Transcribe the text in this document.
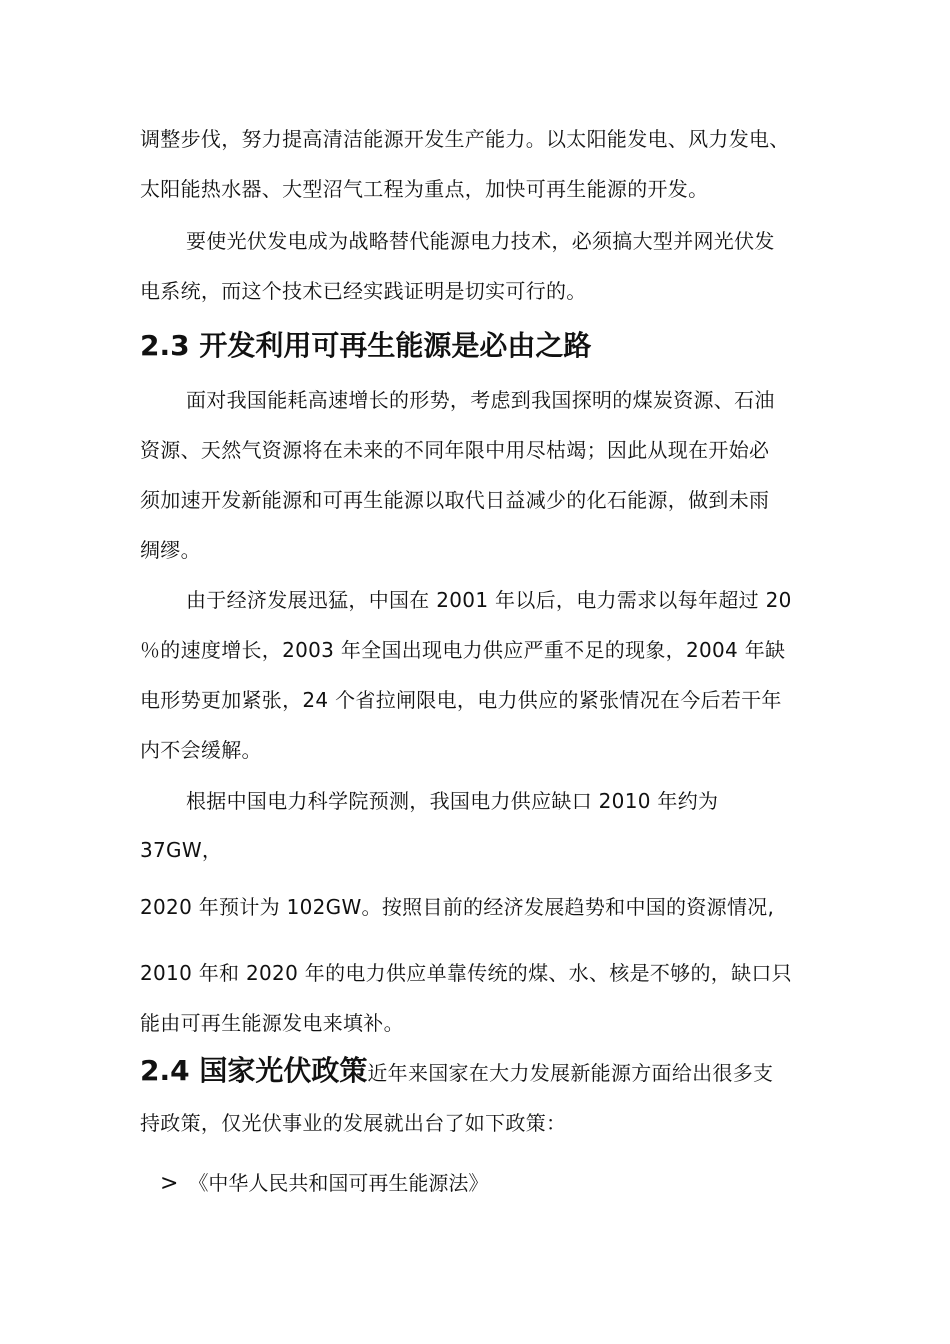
调整步伐，努力提高清洁能源开发生产能力。以太阳能发电、风力发电、
太阳能热水器、大型沼气工程为重点，加快可再生能源的开发。
要使光伏发电成为战略替代能源电力技术，必须搞大型并网光伏发
电系统，而这个技术已经实践证明是切实可行的。
2.3 开发利用可再生能源是必由之路
面对我国能耗高速增长的形势，考虑到我国探明的煤炭资源、石油
资源、天然气资源将在未来的不同年限中用尽枯竭；因此从现在开始必
须加速开发新能源和可再生能源以取代日益减少的化石能源，做到未雨
绸缪。
由于经济发展迅猛，中国在 2001 年以后，电力需求以每年超过 20
％的速度增长，2003 年全国出现电力供应严重不足的现象，2004 年缺
电形势更加紧张，24 个省拉闸限电，电力供应的紧张情况在今后若干年
内不会缓解。
根据中国电力科学院预测，我国电力供应缺口 2010 年约为
37GW，
2020 年预计为 102GW。按照目前的经济发展趋势和中国的资源情况,
2010 年和 2020 年的电力供应单靠传统的煤、水、核是不够的，缺口只
能由可再生能源发电来填补。
2.4 国家光伏政策近年来国家在大力发展新能源方面给出很多支
持政策，仅光伏事业的发展就出台了如下政策：
> 《中华人民共和国可再生能源法》
